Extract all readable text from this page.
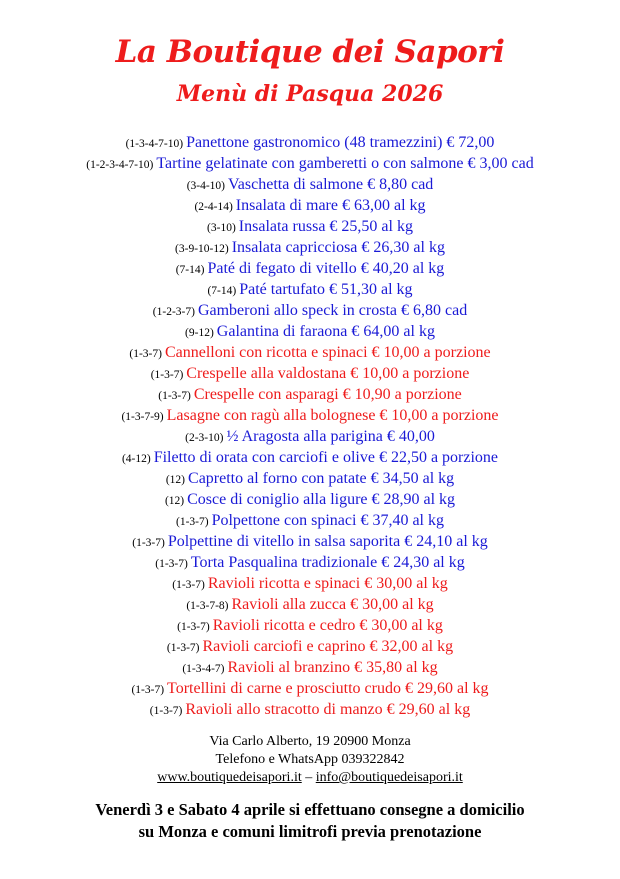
La Boutique dei Sapori
Menù di Pasqua 2026
(1-3-4-7-10) Panettone gastronomico (48 tramezzini) € 72,00
(1-2-3-4-7-10) Tartine gelatinate con gamberetti o con salmone € 3,00 cad
(3-4-10) Vaschetta di salmone € 8,80 cad
(2-4-14) Insalata di mare € 63,00 al kg
(3-10) Insalata russa € 25,50 al kg
(3-9-10-12) Insalata capricciosa € 26,30 al kg
(7-14) Paté di fegato di vitello € 40,20 al kg
(7-14) Paté tartufato € 51,30 al kg
(1-2-3-7) Gamberoni allo speck in crosta € 6,80 cad
(9-12) Galantina di faraona € 64,00 al kg
(1-3-7) Cannelloni con ricotta e spinaci € 10,00 a porzione
(1-3-7) Crespelle alla valdostana € 10,00 a porzione
(1-3-7) Crespelle con asparagi € 10,90 a porzione
(1-3-7-9) Lasagne con ragù alla bolognese € 10,00 a porzione
(2-3-10) ½ Aragosta alla parigina € 40,00
(4-12) Filetto di orata con carciofi e olive € 22,50 a porzione
(12) Capretto al forno con patate € 34,50 al kg
(12) Cosce di coniglio alla ligure € 28,90 al kg
(1-3-7) Polpettone con spinaci € 37,40 al kg
(1-3-7) Polpettine di vitello in salsa saporita € 24,10 al kg
(1-3-7) Torta Pasqualina tradizionale € 24,30 al kg
(1-3-7) Ravioli ricotta e spinaci € 30,00 al kg
(1-3-7-8) Ravioli alla zucca € 30,00 al kg
(1-3-7) Ravioli ricotta e cedro € 30,00 al kg
(1-3-7) Ravioli carciofi e caprino € 32,00 al kg
(1-3-4-7) Ravioli al branzino € 35,80 al kg
(1-3-7) Tortellini di carne e prosciutto crudo € 29,60 al kg
(1-3-7) Ravioli allo stracotto di manzo € 29,60 al kg
Via Carlo Alberto, 19 20900 Monza
Telefono e WhatsApp 039322842
www.boutiquedeisapori.it – info@boutiquedeisapori.it
Venerdì 3 e Sabato 4 aprile si effettuano consegne a domicilio
su Monza e comuni limitrofi previa prenotazione
